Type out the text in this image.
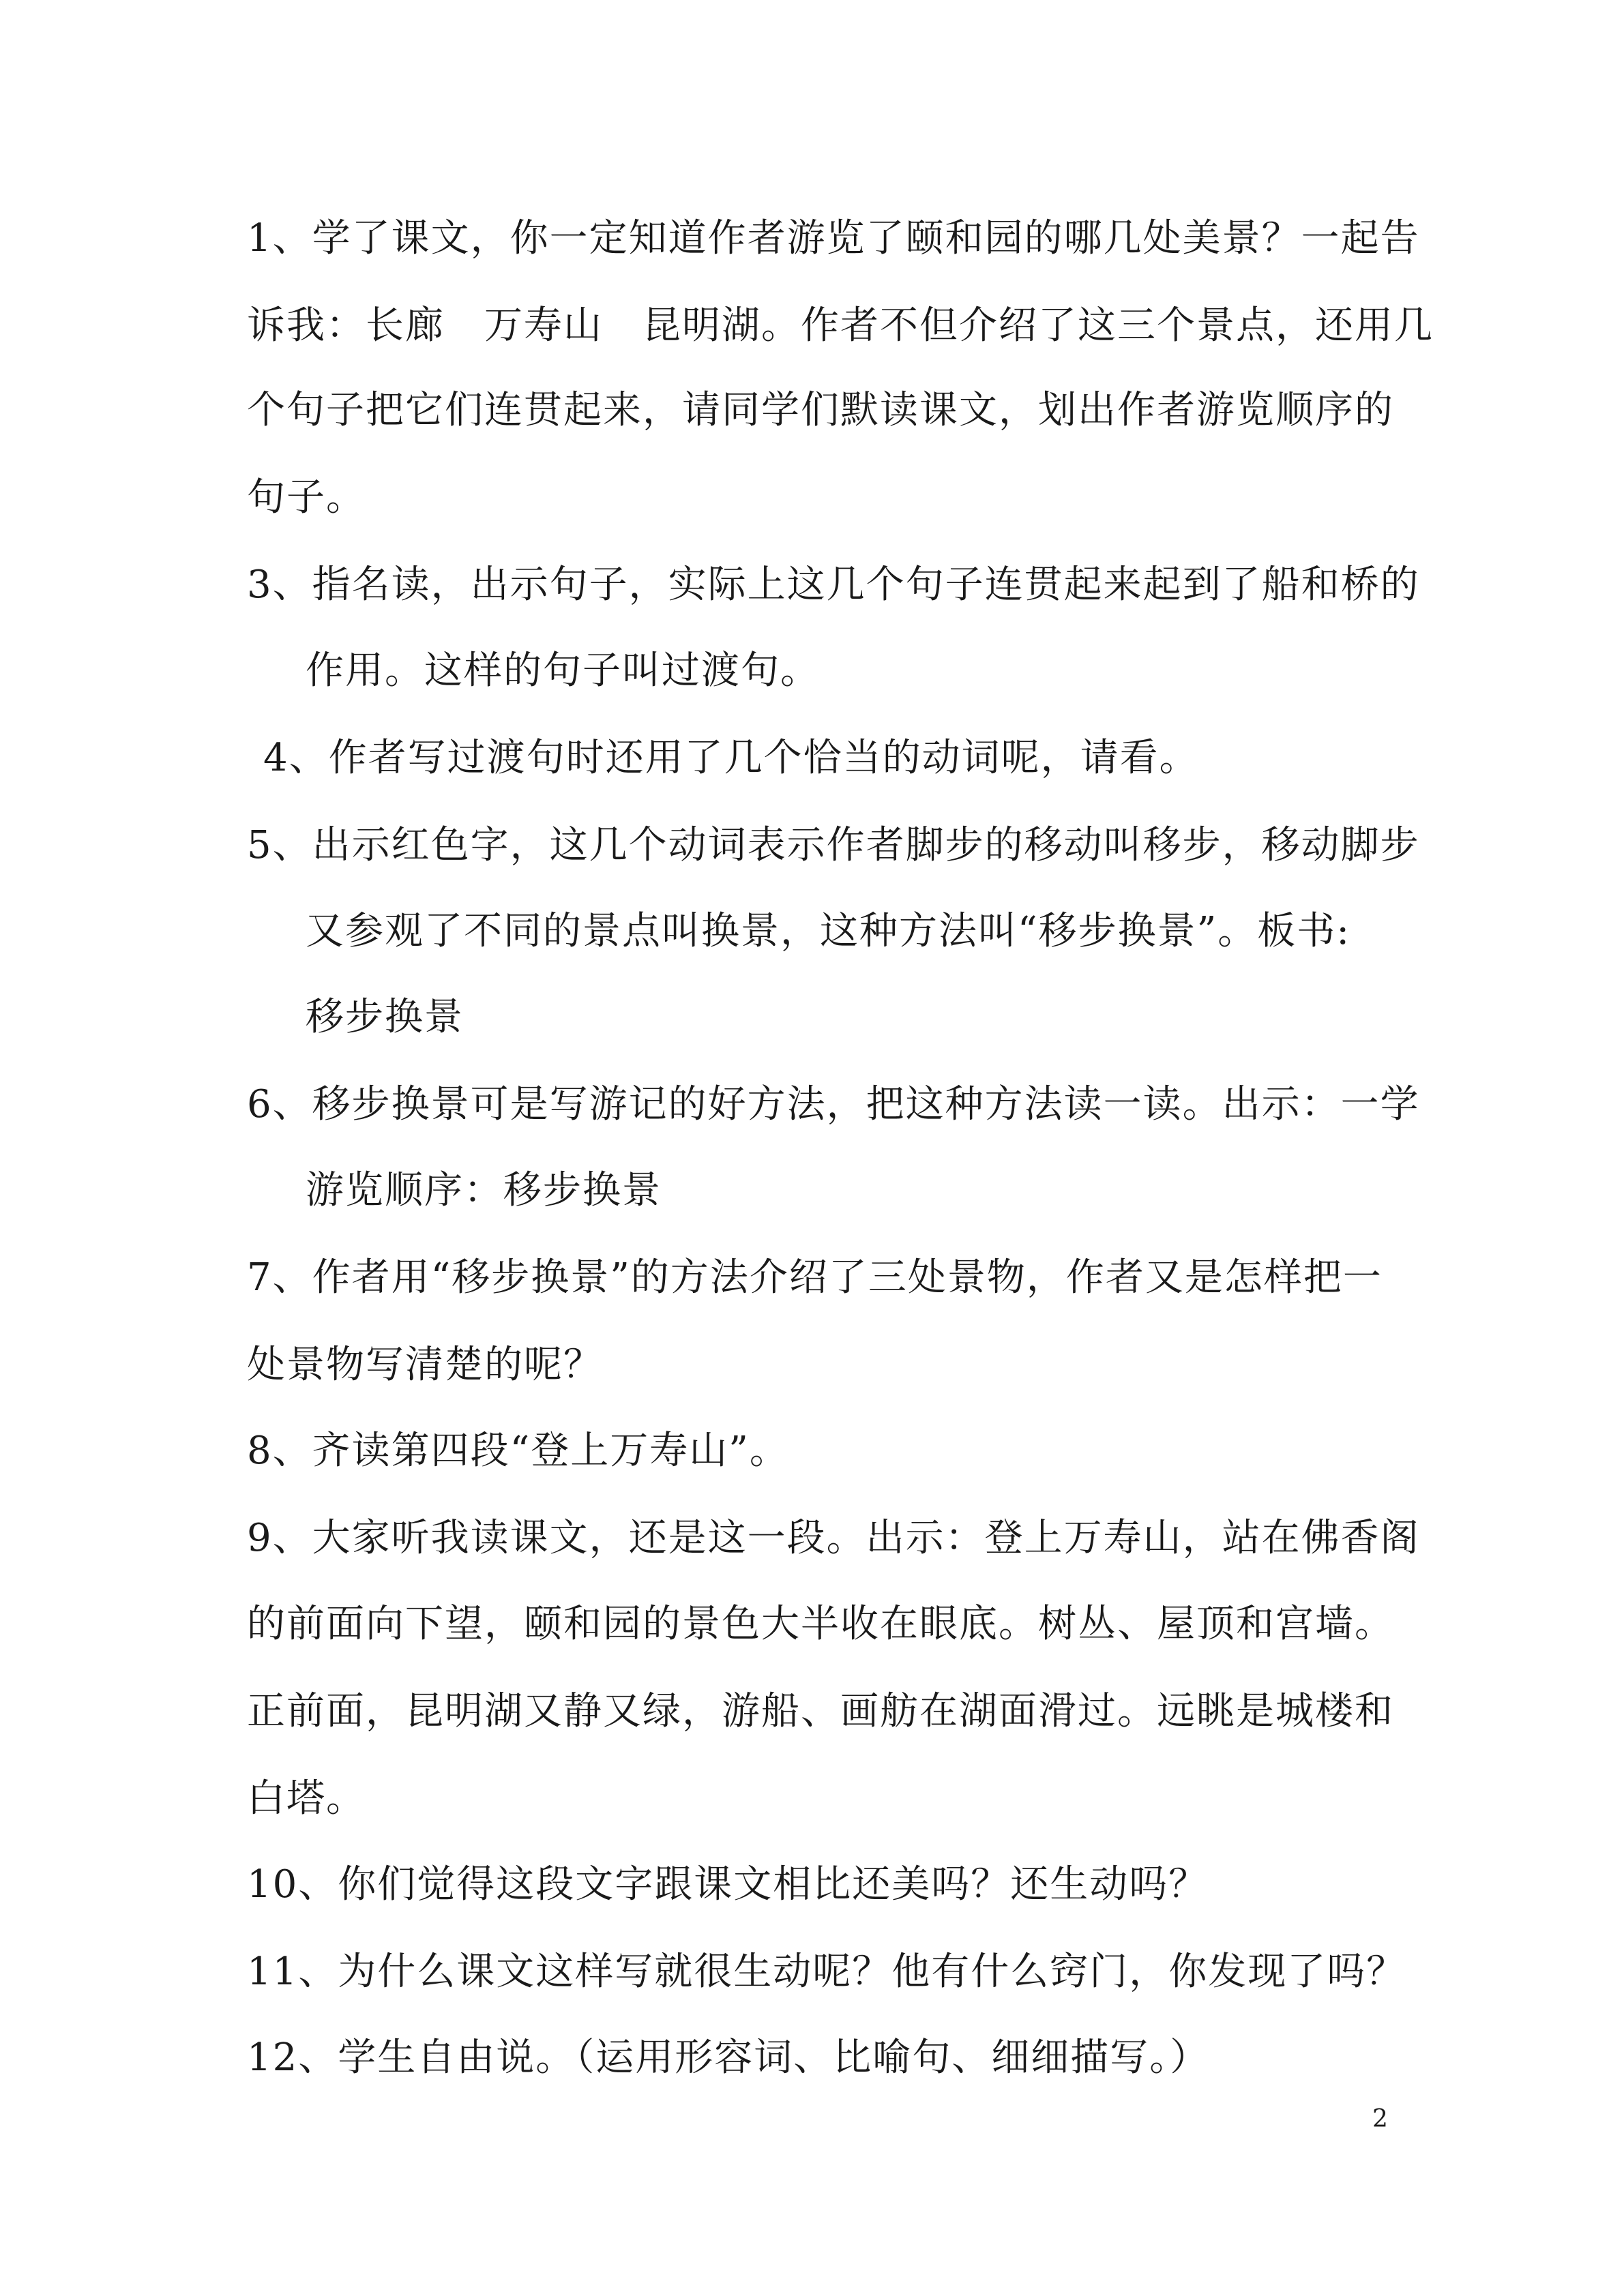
1、学了课文，你一定知道作者游览了颐和园的哪几处美景？一起告
诉我：长廊　万寿山　昆明湖。作者不但介绍了这三个景点，还用几
个句子把它们连贯起来，请同学们默读课文，划出作者游览顺序的
句子。
3、指名读，出示句子，实际上这几个句子连贯起来起到了船和桥的
作用。这样的句子叫过渡句。
4、作者写过渡句时还用了几个恰当的动词呢，请看。
5、出示红色字，这几个动词表示作者脚步的移动叫移步，移动脚步
又参观了不同的景点叫换景，这种方法叫“移步换景”。板书:
移步换景
6、移步换景可是写游记的好方法，把这种方法读一读。出示：一学
游览顺序：移步换景
7、作者用“移步换景”的方法介绍了三处景物，作者又是怎样把一
处景物写清楚的呢？
8、齐读第四段“登上万寿山”。
9、大家听我读课文，还是这一段。出示：登上万寿山，站在佛香阁
的前面向下望，颐和园的景色大半收在眼底。树丛、屋顶和宫墙。
正前面，昆明湖又静又绿，游船、画舫在湖面滑过。远眺是城楼和
白塔。
10、你们觉得这段文字跟课文相比还美吗？还生动吗？
11、为什么课文这样写就很生动呢？他有什么窍门，你发现了吗？
12、学生自由说。（运用形容词、比喻句、细细描写。）
2
